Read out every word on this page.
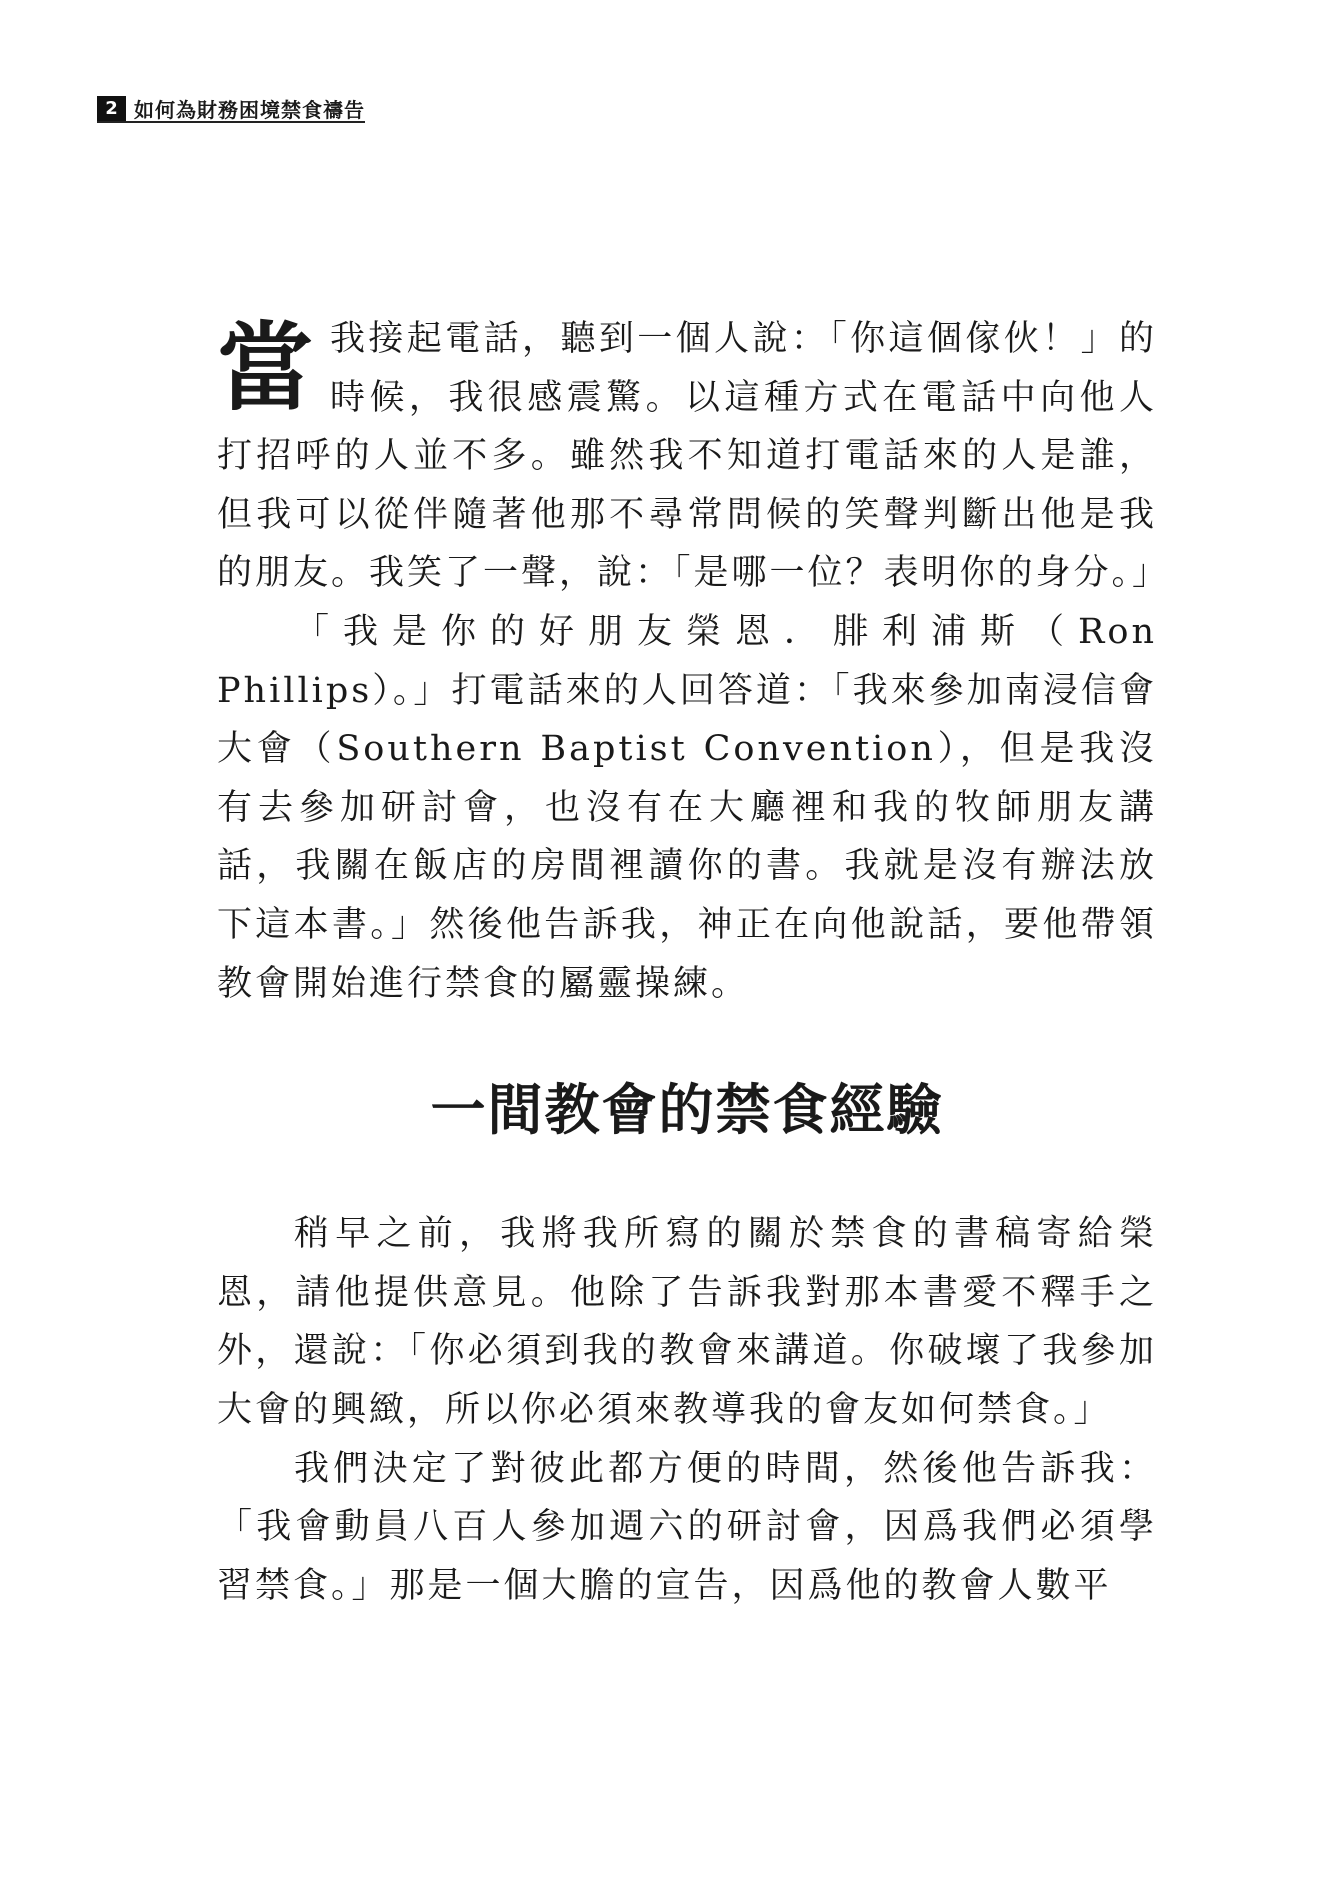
2 如何為財務困境禁食禱告

當我接起電話，聽到一個人說：「你這個傢伙！」的時候，我很感震驚。以這種方式在電話中向他人打招呼的人並不多。雖然我不知道打電話來的人是誰，但我可以從伴隨著他那不尋常問候的笑聲判斷出他是我的朋友。我笑了一聲，說：「是哪一位？表明你的身分。」

「我是你的好朋友榮恩．腓利浦斯（Ron Phillips）。」打電話來的人回答道：「我來參加南浸信會大會（Southern Baptist Convention），但是我沒有去參加研討會，也沒有在大廳裡和我的牧師朋友講話，我關在飯店的房間裡讀你的書。我就是沒有辦法放下這本書。」然後他告訴我，神正在向他說話，要他帶領教會開始進行禁食的屬靈操練。

一間教會的禁食經驗

稍早之前，我將我所寫的關於禁食的書稿寄給榮恩，請他提供意見。他除了告訴我對那本書愛不釋手之外，還說：「你必須到我的教會來講道。你破壞了我參加大會的興緻，所以你必須來教導我的會友如何禁食。」

我們決定了對彼此都方便的時間，然後他告訴我：「我會動員八百人參加週六的研討會，因爲我們必須學習禁食。」那是一個大膽的宣告，因爲他的教會人數平
